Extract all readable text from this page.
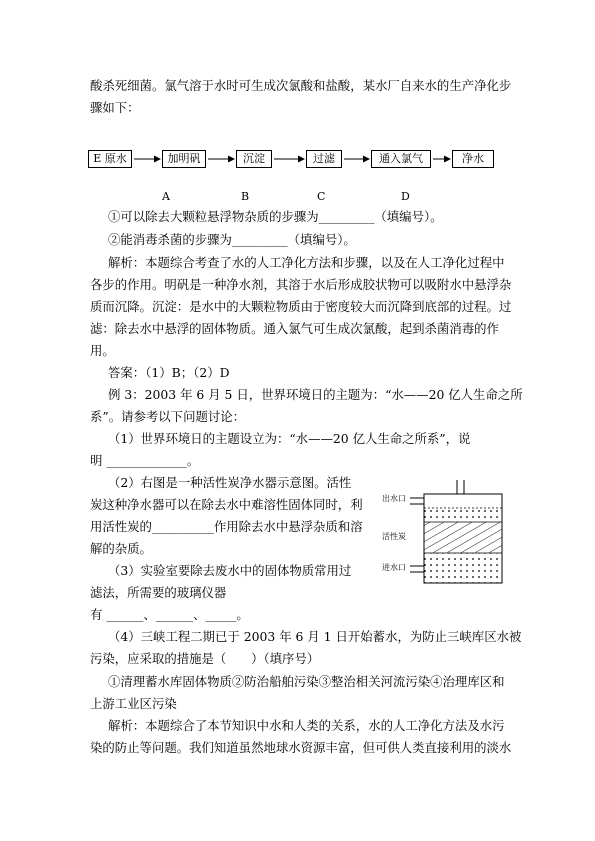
酸杀死细菌。氯气溶于水时可生成次氯酸和盐酸，某水厂自来水的生产净化步
骤如下：
E 原水	加明矾	沉淀	过滤	通入氯气	净水
A	B	C	D
①可以除去大颗粒悬浮物杂质的步骤为_________（填编号）。
②能消毒杀菌的步骤为_________（填编号）。
解析：本题综合考查了水的人工净化方法和步骤，以及在人工净化过程中
各步的作用。明矾是一种净水剂，其溶于水后形成胶状物可以吸附水中悬浮杂
质而沉降。沉淀：是水中的大颗粒物质由于密度较大而沉降到底部的过程。过
滤：除去水中悬浮的固体物质。通入氯气可生成次氯酸，起到杀菌消毒的作
用。
答案：（1）B；（2）D
例 3：2003 年 6 月 5 日，世界环境日的主题为：“水——20 亿人生命之所
系”。请参考以下问题讨论：
（1）世界环境日的主题设立为：“水——20 亿人生命之所系”，说
明 _____________。
（2）右图是一种活性炭净水器示意图。活性
炭这种净水器可以在除去水中难溶性固体同时，利
用活性炭的__________作用除去水中悬浮杂质和溶
解的杂质。
（3）实验室要除去废水中的固体物质常用过
滤法，所需要的玻璃仪器
有 ______、______、_____。
（4）三峡工程二期已于 2003 年 6 月 1 日开始蓄水，为防止三峡库区水被
污染，应采取的措施是（　　）（填序号）
①清理蓄水库固体物质②防治船舶污染③整治相关河流污染④治理库区和
上游工业区污染
解析：本题综合了本节知识中水和人类的关系，水的人工净化方法及水污
染的防止等问题。我们知道虽然地球水资源丰富，但可供人类直接利用的淡水
出水口
活性炭
进水口
